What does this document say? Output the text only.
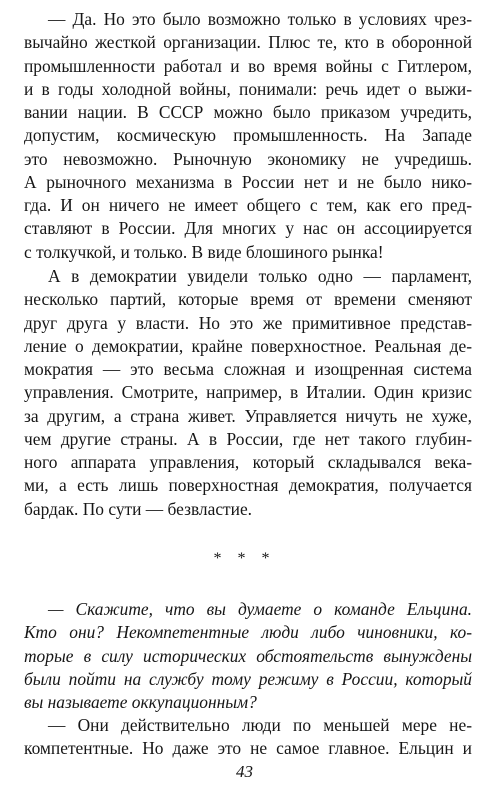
— Да. Но это было возможно только в условиях чрез-
вычайно жесткой организации. Плюс те, кто в оборонной
промышленности работал и во время войны с Гитлером,
и в годы холодной войны, понимали: речь идет о выжи-
вании нации. В СССР можно было приказом учредить,
допустим, космическую промышленность. На Западе
это невозможно. Рыночную экономику не учредишь.
А рыночного механизма в России нет и не было нико-
гда. И он ничего не имеет общего с тем, как его пред-
ставляют в России. Для многих у нас он ассоциируется
с толкучкой, и только. В виде блошиного рынка!
А в демократии увидели только одно — парламент,
несколько партий, которые время от времени сменяют
друг друга у власти. Но это же примитивное представ-
ление о демократии, крайне поверхностное. Реальная де-
мократия — это весьма сложная и изощренная система
управления. Смотрите, например, в Италии. Один кризис
за другим, а страна живет. Управляется ничуть не хуже,
чем другие страны. А в России, где нет такого глубин-
ного аппарата управления, который складывался века-
ми, а есть лишь поверхностная демократия, получается
бардак. По сути — безвластие.
* * *
— Скажите, что вы думаете о команде Ельцина.
Кто они? Некомпетентные люди либо чиновники, ко-
торые в силу исторических обстоятельств вынуждены
были пойти на службу тому режиму в России, который
вы называете оккупационным?
— Они действительно люди по меньшей мере не-
компетентные. Но даже это не самое главное. Ельцин и
43
